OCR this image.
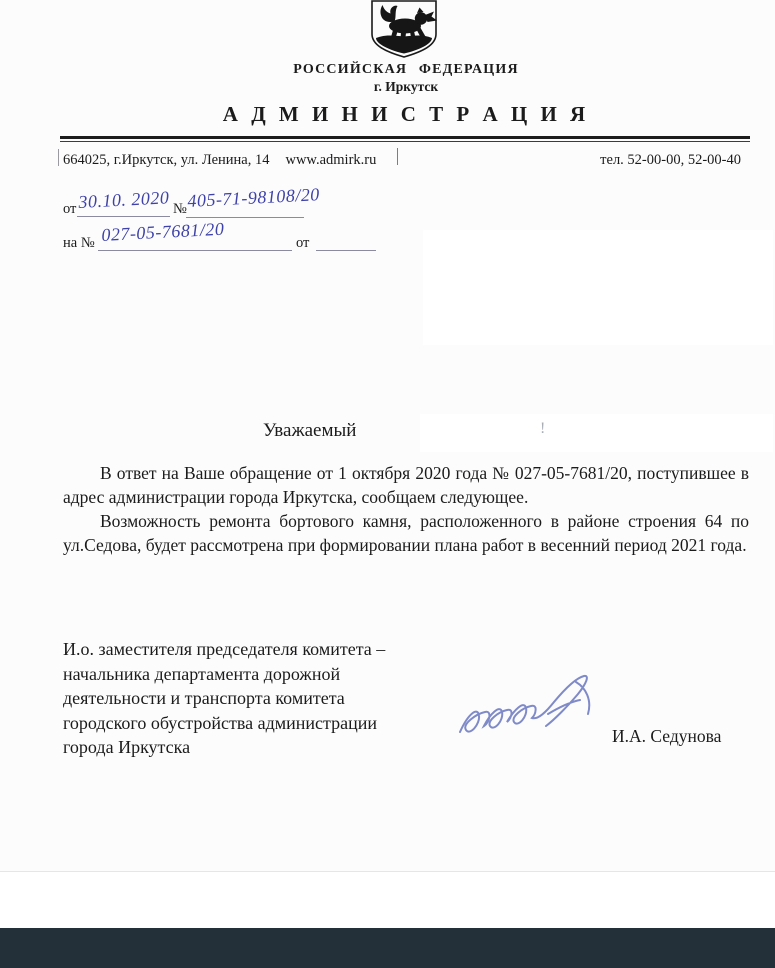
РОССИЙСКАЯ ФЕДЕРАЦИЯ
г. Иркутск
А Д М И Н И С Т Р А Ц И Я
664025, г.Иркутск, ул. Ленина, 14 www.admirk.ru	тел. 52-00-00, 52-00-40
от 30.10. 2020 № 405-71-98108/20
на № 027-05-7681/20	от
Уважаемый	!

В ответ на Ваше обращение от 1 октября 2020 года № 027-05-7681/20, поступившее в адрес администрации города Иркутска, сообщаем следующее.

Возможность ремонта бортового камня, расположенного в районе строения 64 по ул.Седова, будет рассмотрена при формировании плана работ в весенний период 2021 года.

И.о. заместителя председателя комитета –
начальника департамента дорожной
деятельности и транспорта комитета
городского обустройства администрации
города Иркутска
И.А. Седунова
